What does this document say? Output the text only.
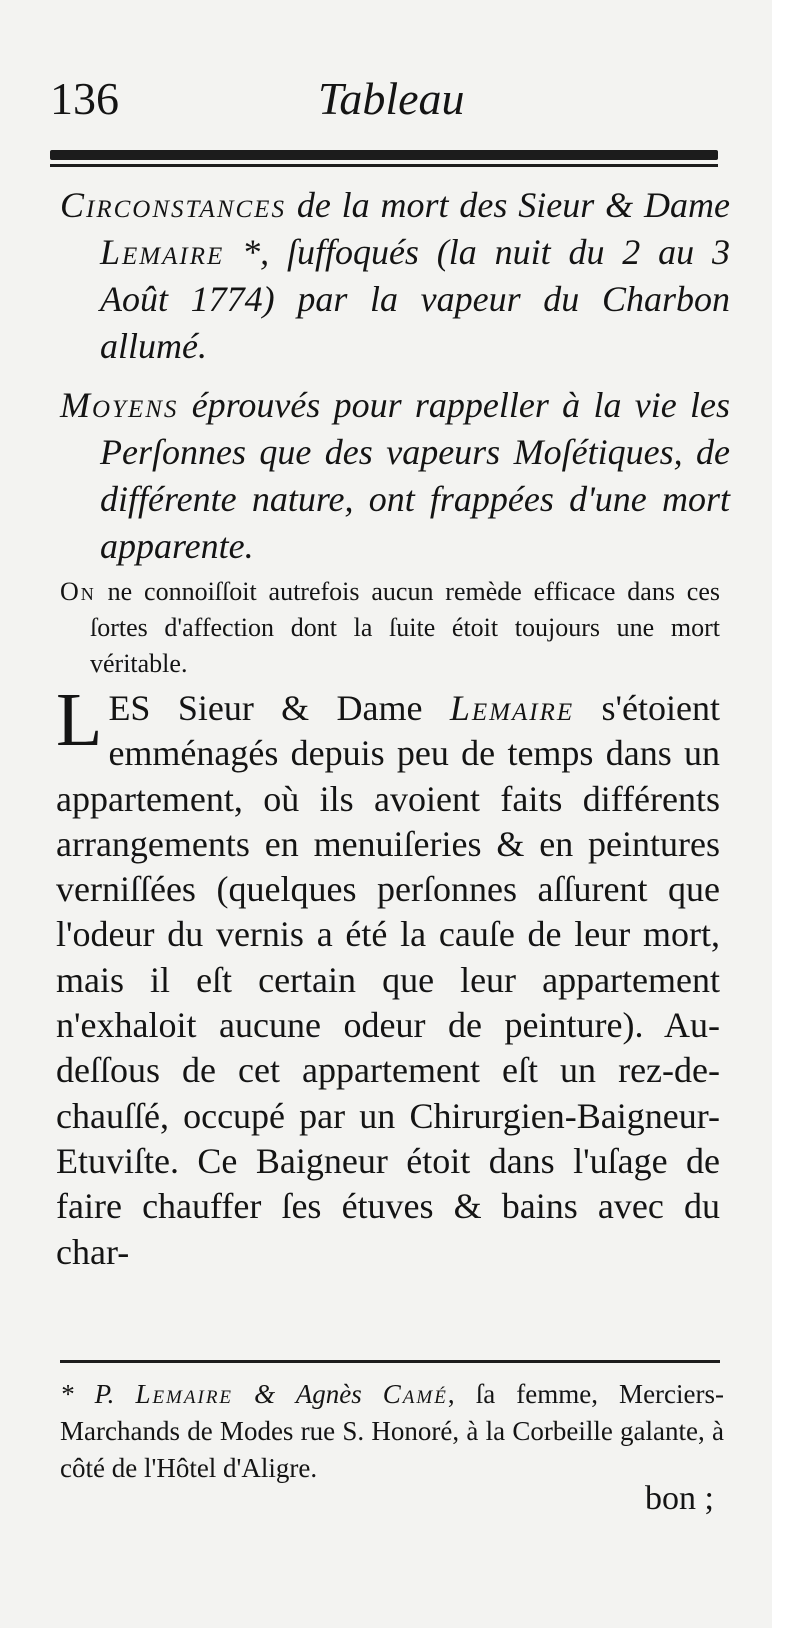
136	Tableau

Circonstances de la mort des Sieur & Dame Lemaire *, ſuffoqués (la nuit du 2 au 3 Août 1774) par la vapeur du Charbon allumé.

Moyens éprouvés pour rappeller à la vie les Perſonnes que des vapeurs Moſétiques, de différente nature, ont frappées d'une mort apparente.

On ne connoiſſoit autrefois aucun remède efficace dans ces ſortes d'affection dont la ſuite étoit toujours une mort véritable.

LES Sieur & Dame Lemaire s'étoient emménagés depuis peu de temps dans un appartement, où ils avoient faits différents arrangements en menuiſeries & en peintures verniſſées (quelques perſonnes aſſurent que l'odeur du vernis a été la cauſe de leur mort, mais il eſt certain que leur appartement n'exhaloit aucune odeur de peinture). Au-deſſous de cet appartement eſt un rez-de-chauſſé, occupé par un Chirurgien-Baigneur-Etuviſte. Ce Baigneur étoit dans l'uſage de faire chauffer ſes étuves & bains avec du char-

* P. Lemaire & Agnès Camé, ſa femme, Merciers-Marchands de Modes rue S. Honoré, à la Corbeille galante, à côté de l'Hôtel d'Aligre.

bon ;
